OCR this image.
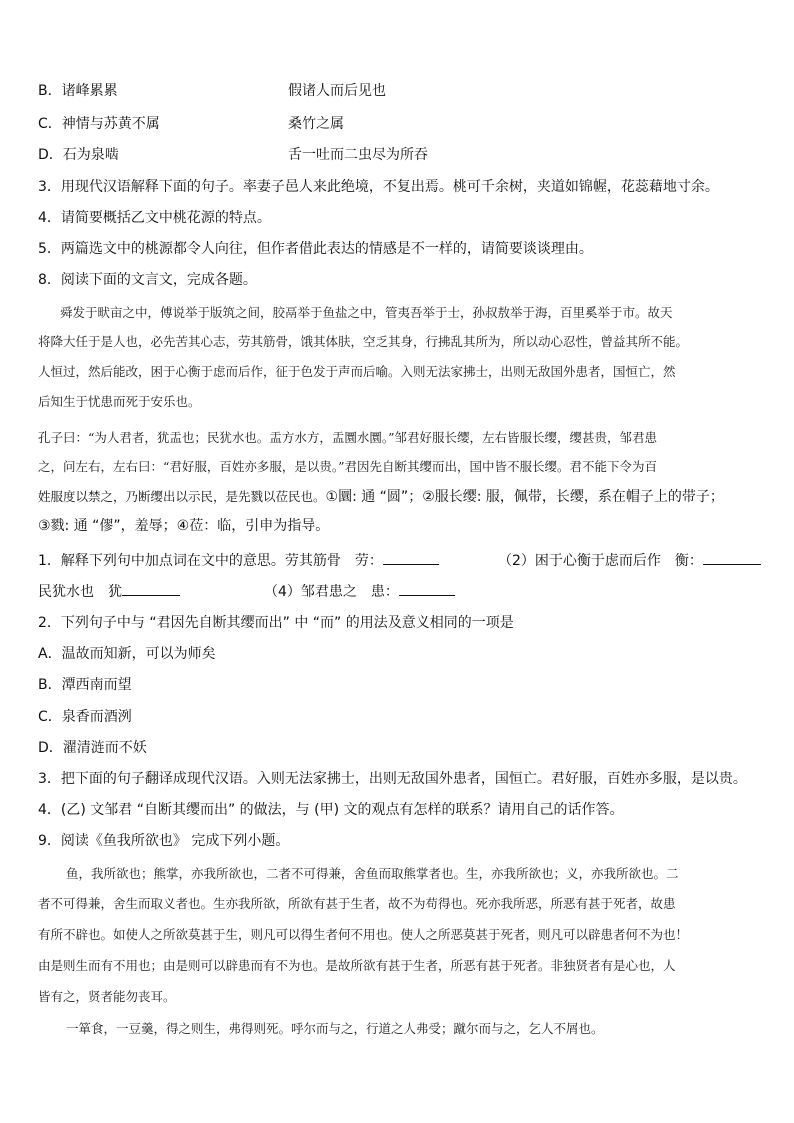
B．诸峰累累	假诸人而后见也
C．神情与苏黄不属	桑竹之属
D．石为泉啮	舌一吐而二虫尽为所吞
3．用现代汉语解释下面的句子。率妻子邑人来此绝境，不复出焉。桃可千余树，夹道如锦幄，花蕊藉地寸余。
4．请简要概括乙文中桃花源的特点。
5．两篇选文中的桃源都令人向往，但作者借此表达的情感是不一样的，请简要谈谈理由。
8．阅读下面的文言文，完成各题。
舜发于畎亩之中，傅说举于版筑之间，胶鬲举于鱼盐之中，管夷吾举于士，孙叔敖举于海，百里奚举于市。故天
将降大任于是人也，必先苦其心志，劳其筋骨，饿其体肤，空乏其身，行拂乱其所为，所以动心忍性，曾益其所不能。
人恒过，然后能改，困于心衡于虑而后作，征于色发于声而后喻。入则无法家拂士，出则无敌国外患者，国恒亡，然
后知生于忧患而死于安乐也。
孔子曰：“为人君者，犹盂也；民犹水也。盂方水方，盂圜水圜。”邹君好服长缨，左右皆服长缨，缨甚贵，邹君患
之，问左右，左右曰：“君好服，百姓亦多服，是以贵。”君因先自断其缨而出，国中皆不服长缨。君不能下令为百
姓服度以禁之，乃断缨出以示民，是先戮以莅民也。①圜: 通 “圆”；②服长缨: 服，佩带，长缨，系在帽子上的带子；
③戮: 通 “僇”，羞辱；④莅：临，引申为指导。
1．解释下列句中加点词在文中的意思。劳其筋骨　劳：	（2）困于心衡于虑而后作　衡：
民犹水也　犹	（4）邹君患之　患：
2．下列句子中与 “君因先自断其缨而出” 中 “而” 的用法及意义相同的一项是
A．温故而知新，可以为师矣
B．潭西南而望
C．泉香而酒洌
D．濯清涟而不妖
3．把下面的句子翻译成现代汉语。入则无法家拂士，出则无敌国外患者，国恒亡。君好服，百姓亦多服，是以贵。
4．(乙) 文邹君 “自断其缨而出” 的做法，与 (甲) 文的观点有怎样的联系？请用自己的话作答。
9．阅读《鱼我所欲也》 完成下列小题。
鱼，我所欲也；熊掌，亦我所欲也，二者不可得兼，舍鱼而取熊掌者也。生，亦我所欲也；义，亦我所欲也。二
者不可得兼，舍生而取义者也。生亦我所欲，所欲有甚于生者，故不为苟得也。死亦我所恶，所恶有甚于死者，故患
有所不辟也。如使人之所欲莫甚于生，则凡可以得生者何不用也。使人之所恶莫甚于死者，则凡可以辟患者何不为也！
由是则生而有不用也；由是则可以辟患而有不为也。是故所欲有甚于生者，所恶有甚于死者。非独贤者有是心也，人
皆有之，贤者能勿丧耳。
一箪食，一豆羹，得之则生，弗得则死。呼尔而与之，行道之人弗受；蹴尔而与之，乞人不屑也。
